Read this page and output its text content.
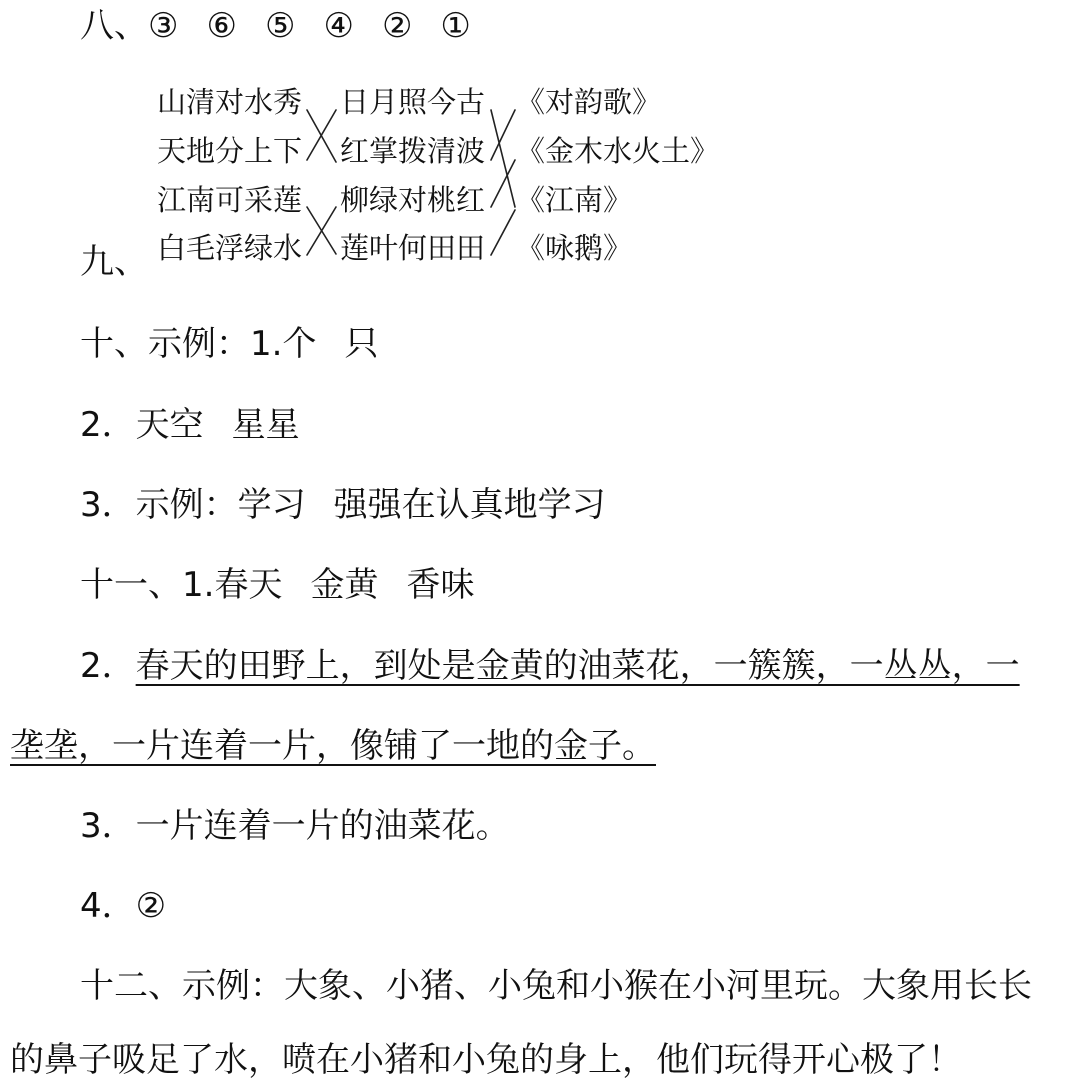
八、③ ⑥ ⑤ ④ ② ①
九、
山清对水秀
天地分上下
江南可采莲
白毛浮绿水
日月照今古
红掌拨清波
柳绿对桃红
莲叶何田田
《对韵歌》
《金木水火土》
《江南》
《咏鹅》
十、示例：1.个 只
2．天空 星星
3．示例：学习 强强在认真地学习
十一、1.春天 金黄 香味
2．春天的田野上，到处是金黄的油菜花，一簇簇，一丛丛，一
垄垄，一片连着一片，像铺了一地的金子。
3．一片连着一片的油菜花。
4．②
十二、示例：大象、小猪、小兔和小猴在小河里玩。大象用长长
的鼻子吸足了水，喷在小猪和小兔的身上，他们玩得开心极了！
